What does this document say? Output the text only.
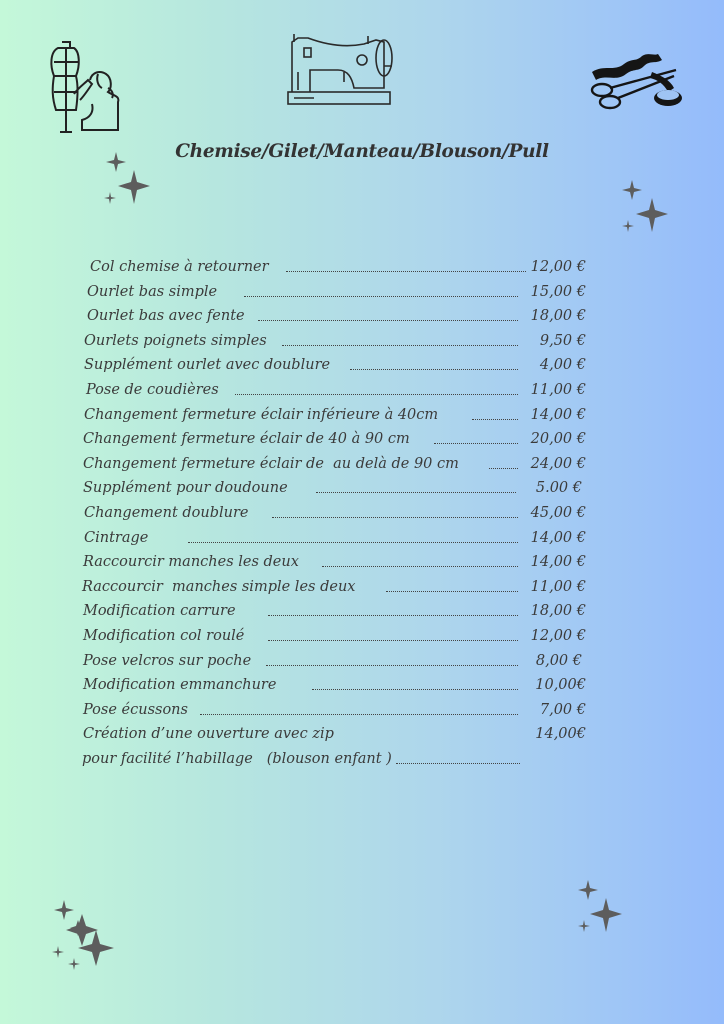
Chemise/Gilet/Manteau/Blouson/Pull
Col chemise à retourner	12,00 €
Ourlet bas simple	15,00 €
Ourlet bas avec fente	18,00 €
Ourlets poignets simples	9,50 €
Supplément ourlet avec doublure	4,00 €
Pose de coudières	11,00 €
Changement fermeture éclair inférieure à 40cm	14,00 €
Changement fermeture éclair de 40 à 90 cm	20,00 €
Changement fermeture éclair de  au delà de 90 cm	24,00 €
Supplément pour doudoune	5.00 €
Changement doublure	45,00 €
Cintrage	14,00 €
Raccourcir manches les deux	14,00 €
Raccourcir  manches simple les deux	11,00 €
Modification carrure	18,00 €
Modification col roulé	12,00 €
Pose velcros sur poche	8,00 €
Modification emmanchure	10,00€
Pose écussons	7,00 €
Création d’une ouverture avec zip	14,00€
pour facilité l’habillage   (blouson enfant )
